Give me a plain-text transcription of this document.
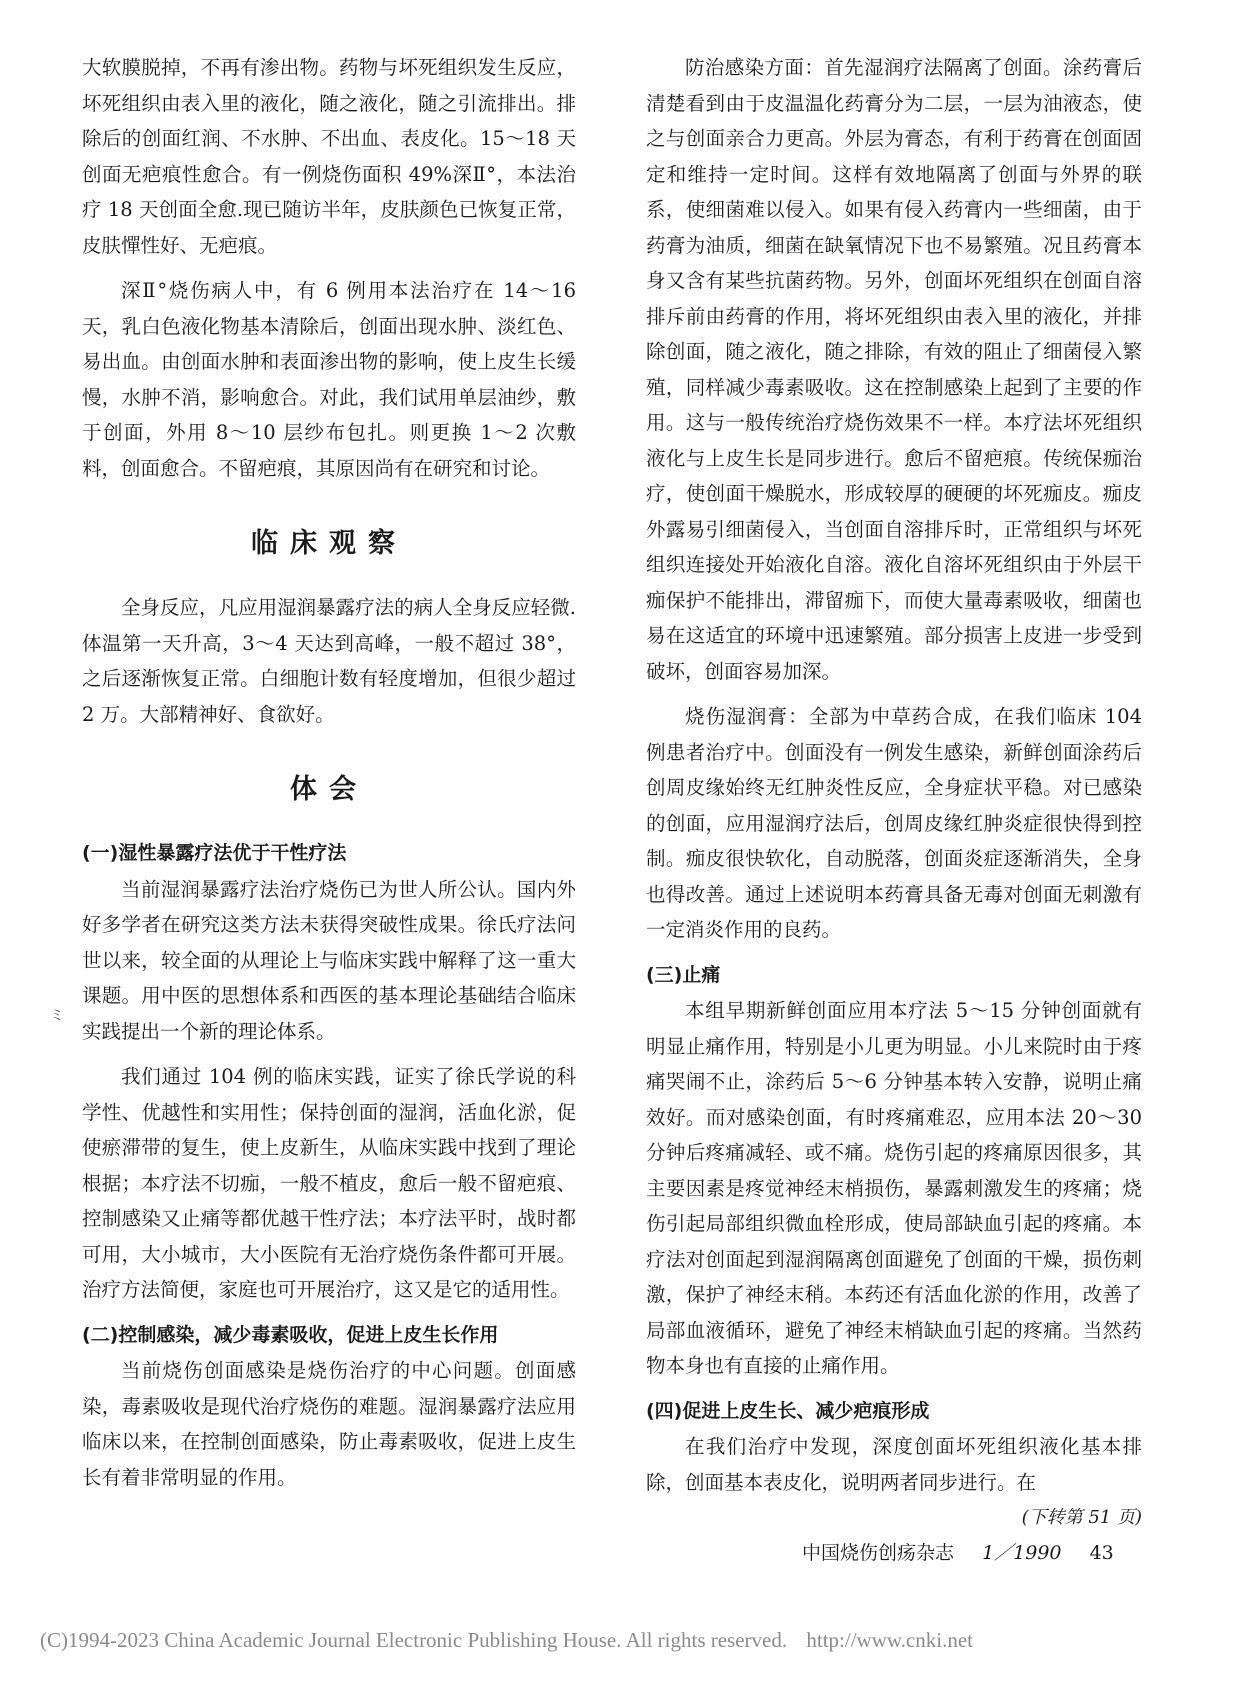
大软膜脱掉，不再有渗出物。药物与坏死组织发生反应，坏死组织由表入里的液化，随之液化，随之引流排出。排除后的创面红润、不水肿、不出血、表皮化。15～18 天创面无疤痕性愈合。有一例烧伤面积 49%深Ⅱ°，本法治疗 18 天创面全愈.现已随访半年，皮肤颜色已恢复正常，皮肤憚性好、无疤痕。

深Ⅱ°烧伤病人中，有 6 例用本法治疗在 14～16 天，乳白色液化物基本清除后，创面出现水肿、淡红色、易出血。由创面水肿和表面渗出物的影响，使上皮生长缓慢，水肿不消，影响愈合。对此，我们试用单层油纱，敷于创面，外用 8～10 层纱布包扎。则更换 1～2 次敷料，创面愈合。不留疤痕，其原因尚有在研究和讨论。

临床观察

全身反应，凡应用湿润暴露疗法的病人全身反应轻微.体温第一天升高，3～4 天达到高峰，一般不超过 38°，之后逐渐恢复正常。白细胞计数有轻度增加，但很少超过 2 万。大部精神好、食欲好。

体会

(一)湿性暴露疗法优于干性疗法

当前湿润暴露疗法治疗烧伤已为世人所公认。国内外好多学者在研究这类方法未获得突破性成果。徐氏疗法问世以来，较全面的从理论上与临床实践中解释了这一重大课题。用中医的思想体系和西医的基本理论基础结合临床实践提出一个新的理论体系。

我们通过 104 例的临床实践，证实了徐氏学说的科学性、优越性和实用性；保持创面的湿润，活血化淤，促使瘀滞带的复生，使上皮新生，从临床实践中找到了理论根据；本疗法不切痂，一般不植皮，愈后一般不留疤痕、控制感染又止痛等都优越干性疗法；本疗法平时，战时都可用，大小城市，大小医院有无治疗烧伤条件都可开展。治疗方法简便，家庭也可开展治疗，这又是它的适用性。

(二)控制感染，减少毒素吸收，促进上皮生长作用

当前烧伤创面感染是烧伤治疗的中心问题。创面感染，毒素吸收是现代治疗烧伤的难题。湿润暴露疗法应用临床以来，在控制创面感染，防止毒素吸收，促进上皮生长有着非常明显的作用。

ミ

防治感染方面：首先湿润疗法隔离了创面。涂药膏后清楚看到由于皮温温化药膏分为二层，一层为油液态，使之与创面亲合力更高。外层为膏态，有利于药膏在创面固定和维持一定时间。这样有效地隔离了创面与外界的联系，使细菌难以侵入。如果有侵入药膏内一些细菌，由于药膏为油质，细菌在缺氧情况下也不易繁殖。况且药膏本身又含有某些抗菌药物。另外，创面坏死组织在创面自溶排斥前由药膏的作用，将坏死组织由表入里的液化，并排除创面，随之液化，随之排除，有效的阻止了细菌侵入繁殖，同样减少毒素吸收。这在控制感染上起到了主要的作用。这与一般传统治疗烧伤效果不一样。本疗法坏死组织液化与上皮生长是同步进行。愈后不留疤痕。传统保痂治疗，使创面干燥脱水，形成较厚的硬硬的坏死痂皮。痂皮外露易引细菌侵入，当创面自溶排斥时，正常组织与坏死组织连接处开始液化自溶。液化自溶坏死组织由于外层干痂保护不能排出，滞留痂下，而使大量毒素吸收，细菌也易在这适宜的环境中迅速繁殖。部分损害上皮进一步受到破坏，创面容易加深。

烧伤湿润膏：全部为中草药合成，在我们临床 104 例患者治疗中。创面没有一例发生感染，新鲜创面涂药后创周皮缘始终无红肿炎性反应，全身症状平稳。对已感染的创面，应用湿润疗法后，创周皮缘红肿炎症很快得到控制。痂皮很快软化，自动脱落，创面炎症逐渐消失，全身也得改善。通过上述说明本药膏具备无毒对创面无刺激有一定消炎作用的良药。

(三)止痛

本组早期新鲜创面应用本疗法 5～15 分钟创面就有明显止痛作用，特别是小儿更为明显。小儿来院时由于疼痛哭闹不止，涂药后 5～6 分钟基本转入安静，说明止痛效好。而对感染创面，有时疼痛难忍，应用本法 20～30 分钟后疼痛减轻、或不痛。烧伤引起的疼痛原因很多，其主要因素是疼觉神经末梢损伤，暴露刺激发生的疼痛；烧伤引起局部组织微血栓形成，使局部缺血引起的疼痛。本疗法对创面起到湿润隔离创面避免了创面的干燥，损伤刺激，保护了神经末稍。本药还有活血化淤的作用，改善了局部血液循环，避免了神经末梢缺血引起的疼痛。当然药物本身也有直接的止痛作用。

(四)促进上皮生长、减少疤痕形成

在我们治疗中发现，深度创面坏死组织液化基本排除，创面基本表皮化，说明两者同步进行。在

(下转第 51 页)

中国烧伤创疡杂志 1／1990 43
(C)1994-2023 China Academic Journal Electronic Publishing House. All rights reserved. http://www.cnki.net
